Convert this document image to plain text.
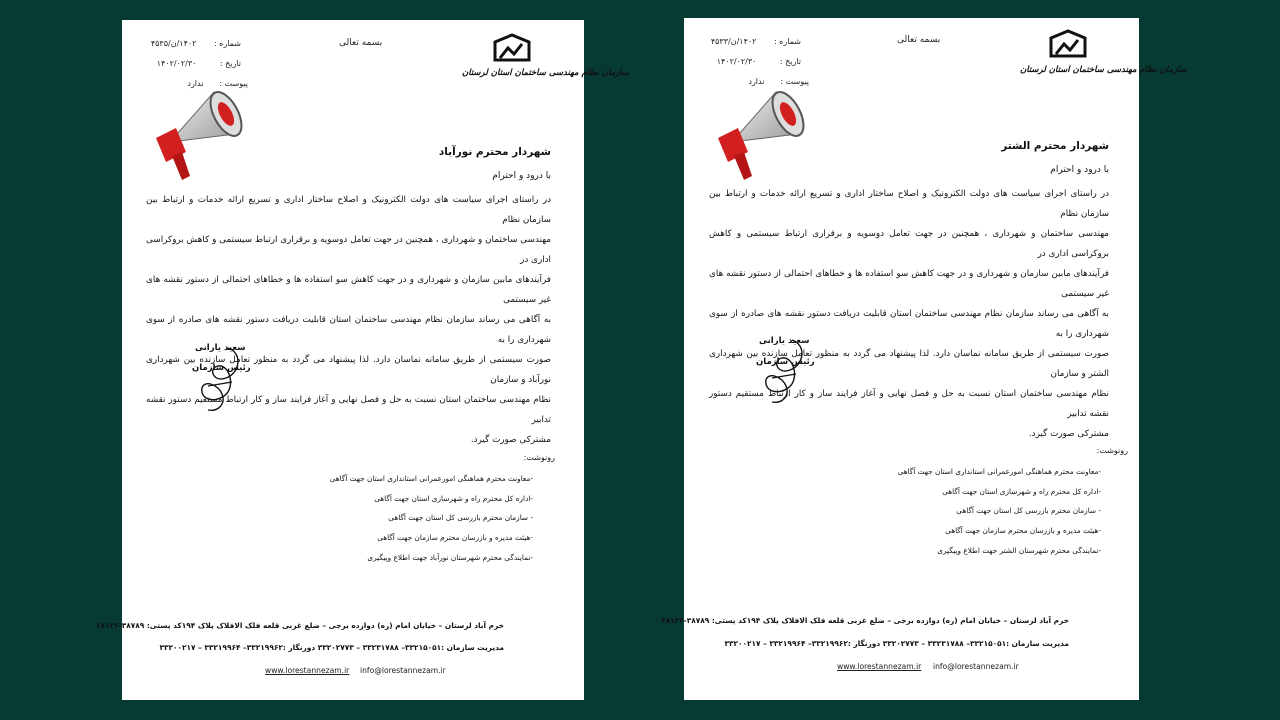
شماره : ۱۴۰۲/ن/۴۵۳۵
تاریخ : ۱۴۰۲/۰۲/۳۰
پیوست : ندارد
بسمه تعالی
سازمان نظام مهندسی ساختمان استان لرستان
شهردار محترم نورآباد
با درود و احترام
در راستای اجرای سیاست های دولت الکترونیک و اصلاح ساختار اداری و تسریع ارائه خدمات و ارتباط بین سازمان نظام
مهندسی ساختمان و شهرداری ، همچنین در جهت تعامل دوسویه و برقراری ارتباط سیستمی و کاهش بروکراسی اداری در
فرآیندهای مابین سازمان و شهرداری و در جهت کاهش سو استفاده ها و خطاهای احتمالی از دستور نقشه های غیر سیستمی
به آگاهی می رساند سازمان نظام مهندسی ساختمان استان قابلیت دریافت دستور نقشه های صادره از سوی شهرداری را به
صورت سیستمی از طریق سامانه نماسان دارد. لذا پیشنهاد می گردد به منظور تعامل سازنده بین شهرداری نورآباد و سازمان
نظام مهندسی ساختمان استان نسبت به حل و فصل نهایی و آغاز فرایند ساز و کار ارتباط مستقیم دستور نقشه تدابیر
مشترکی صورت گیرد.
سعید یارانی
رئیس سازمان
رونوشت:
-معاونت محترم هماهنگی امورعمرانی استانداری استان جهت آگاهی
-اداره کل محترم راه و شهرسازی استان جهت آگاهی
- سازمان محترم بازرسی کل استان جهت آگاهی
-هیئت مدیره و بازرسان محترم سازمان جهت آگاهی
-نمایندگی محترم شهرستان نورآباد جهت اطلاع وپیگیری
خرم آباد لرستان – خیابان امام (ره) دوازده برجی – ضلع غربی قلعه فلک الافلاک پلاک ۱۹۴کد پستی: ۳۸۷۸۹-۶۸۱۳۶
مدیریت سازمان :۳۳۲۱۵۰۵۱– ۳۳۲۳۱۷۸۸ – ۳۳۲۰۲۷۷۳ دورنگار :۳۳۲۱۹۹۶۲– ۳۳۲۱۹۹۶۴ – ۳۳۲۰۰۲۱۷
www.lorestannezam.ir info@lorestannezam.ir
شماره : ۱۴۰۲/ن/۴۵۳۳
تاریخ : ۱۴۰۲/۰۲/۳۰
پیوست : ندارد
بسمه تعالی
سازمان نظام مهندسی ساختمان استان لرستان
شهردار محترم الشتر
با درود و احترام
در راستای اجرای سیاست های دولت الکترونیک و اصلاح ساختار اداری و تسریع ارائه خدمات و ارتباط بین سازمان نظام
مهندسی ساختمان و شهرداری ، همچنین در جهت تعامل دوسویه و برقراری ارتباط سیستمی و کاهش بروکراسی اداری در
فرآیندهای مابین سازمان و شهرداری و در جهت کاهش سو استفاده ها و خطاهای احتمالی از دستور نقشه های غیر سیستمی
به آگاهی می رساند سازمان نظام مهندسی ساختمان استان قابلیت دریافت دستور نقشه های صادره از سوی شهرداری را به
صورت سیستمی از طریق سامانه نماسان دارد. لذا پیشنهاد می گردد به منظور تعامل سازنده بین شهرداری الشتر و سازمان
نظام مهندسی ساختمان استان نسبت به حل و فصل نهایی و آغاز فرایند ساز و کار ارتباط مستقیم دستور نقشه تدابیر
مشترکی صورت گیرد.
سعید یارانی
رئیس سازمان
رونوشت:
-معاونت محترم هماهنگی امورعمرانی استانداری استان جهت آگاهی
-اداره کل محترم راه و شهرسازی استان جهت آگاهی
- سازمان محترم بازرسی کل استان جهت آگاهی
-هیئت مدیره و بازرسان محترم سازمان جهت آگاهی
-نمایندگی محترم شهرستان الشتر جهت اطلاع وپیگیری
خرم آباد لرستان – خیابان امام (ره) دوازده برجی – ضلع غربی قلعه فلک الافلاک پلاک ۱۹۴کد پستی: ۳۸۷۸۹-۶۸۱۳۶
مدیریت سازمان :۳۳۲۱۵۰۵۱– ۳۳۲۳۱۷۸۸ – ۳۳۲۰۲۷۷۳ دورنگار :۳۳۲۱۹۹۶۲– ۳۳۲۱۹۹۶۴ – ۳۳۲۰۰۲۱۷
www.lorestannezam.ir info@lorestannezam.ir
